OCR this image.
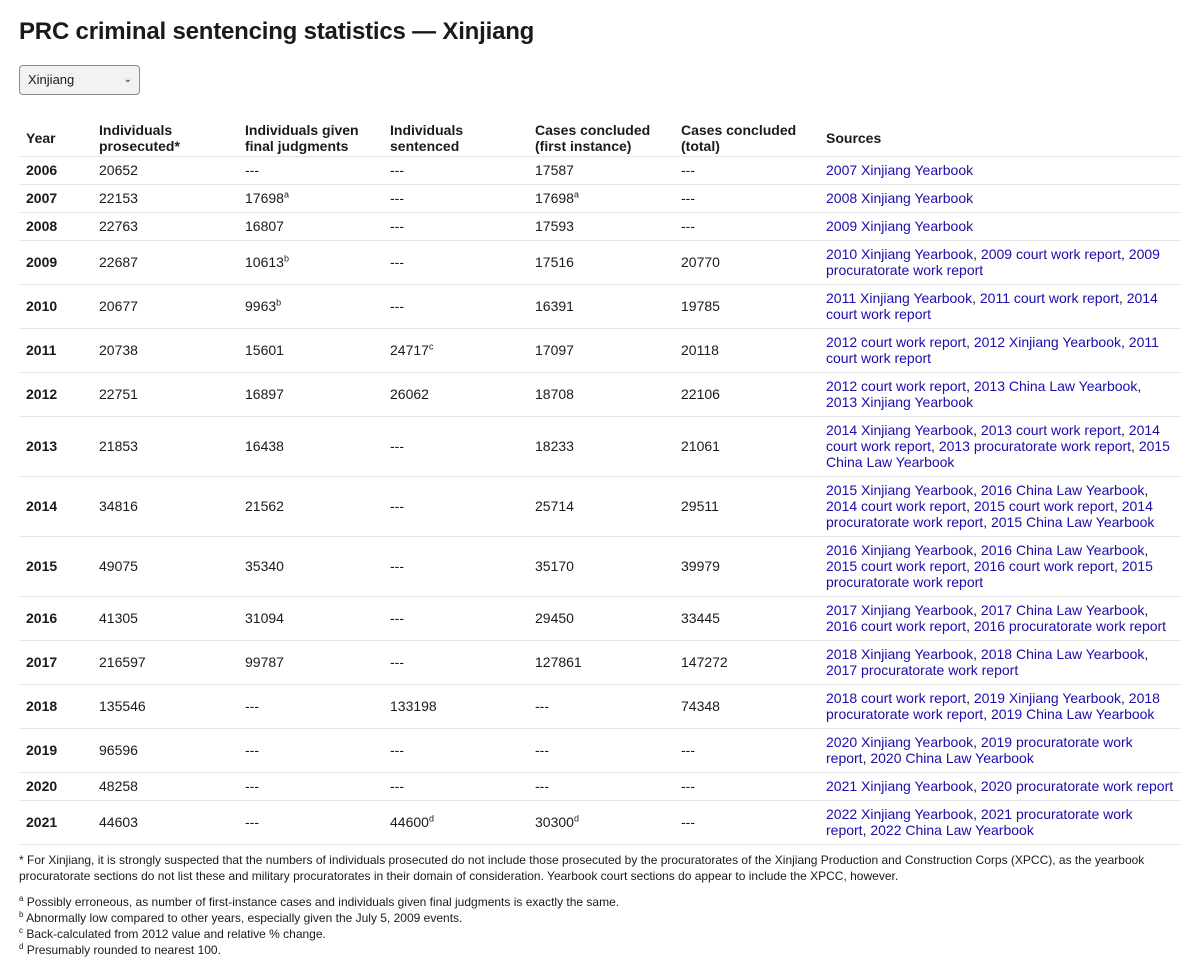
PRC criminal sentencing statistics — Xinjiang
Xinjiang	⌄
Year	Individuals prosecuted*	Individuals given final judgments	Individuals sentenced	Cases concluded (first instance)	Cases concluded (total)	Sources
2006	20652	---	---	17587	---	2007 Xinjiang Yearbook
2007	22153	17698$^a$	---	17698$^a$	---	2008 Xinjiang Yearbook
2008	22763	16807	---	17593	---	2009 Xinjiang Yearbook
2009	22687	10613$^b$	---	17516	20770	2010 Xinjiang Yearbook, 2009 court work report, 2009 procuratorate work report
2010	20677	9963$^b$	---	16391	19785	2011 Xinjiang Yearbook, 2011 court work report, 2014 court work report
2011	20738	15601	24717$^c$	17097	20118	2012 court work report, 2012 Xinjiang Yearbook, 2011 court work report
2012	22751	16897	26062	18708	22106	2012 court work report, 2013 China Law Yearbook, 2013 Xinjiang Yearbook
2013	21853	16438	---	18233	21061	2014 Xinjiang Yearbook, 2013 court work report, 2014 court work report, 2013 procuratorate work report, 2015 China Law Yearbook
2014	34816	21562	---	25714	29511	2015 Xinjiang Yearbook, 2016 China Law Yearbook, 2014 court work report, 2015 court work report, 2014 procuratorate work report, 2015 China Law Yearbook
2015	49075	35340	---	35170	39979	2016 Xinjiang Yearbook, 2016 China Law Yearbook, 2015 court work report, 2016 court work report, 2015 procuratorate work report
2016	41305	31094	---	29450	33445	2017 Xinjiang Yearbook, 2017 China Law Yearbook, 2016 court work report, 2016 procuratorate work report
2017	216597	99787	---	127861	147272	2018 Xinjiang Yearbook, 2018 China Law Yearbook, 2017 procuratorate work report
2018	135546	---	133198	---	74348	2018 court work report, 2019 Xinjiang Yearbook, 2018 procuratorate work report, 2019 China Law Yearbook
2019	96596	---	---	---	---	2020 Xinjiang Yearbook, 2019 procuratorate work report, 2020 China Law Yearbook
2020	48258	---	---	---	---	2021 Xinjiang Yearbook, 2020 procuratorate work report
2021	44603	---	44600$^d$	30300$^d$	---	2022 Xinjiang Yearbook, 2021 procuratorate work report, 2022 China Law Yearbook

* For Xinjiang, it is strongly suspected that the numbers of individuals prosecuted do not include those prosecuted by the procuratorates of the Xinjiang Production and Construction Corps (XPCC), as the yearbook procuratorate sections do not list these and military procuratorates in their domain of consideration. Yearbook court sections do appear to include the XPCC, however.

$^a$ Possibly erroneous, as number of first-instance cases and individuals given final judgments is exactly the same.

$^b$ Abnormally low compared to other years, especially given the July 5, 2009 events.

$^c$ Back-calculated from 2012 value and relative % change.

$^d$ Presumably rounded to nearest 100.
